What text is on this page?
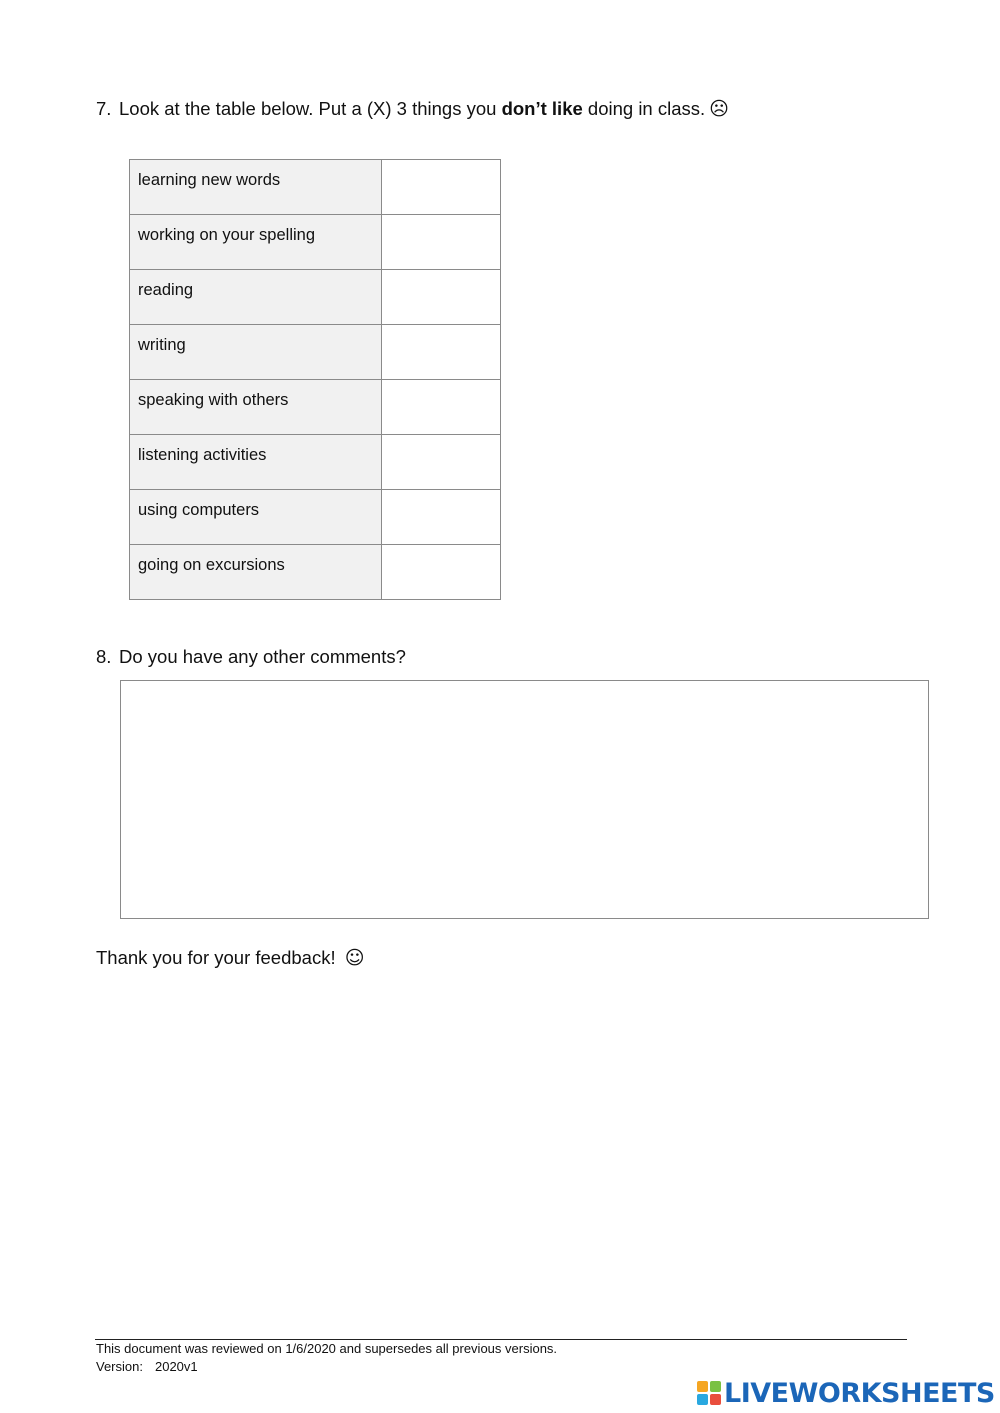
7. Look at the table below. Put a (X) 3 things you don’t like doing in class. ☹
learning new words	
working on your spelling	
reading	
writing	
speaking with others	
listening activities	
using computers	
going on excursions	
8. Do you have any other comments?
Thank you for your feedback! ☺
This document was reviewed on 1/6/2020 and supersedes all previous versions.
Version: 2020v1
LIVEWORKSHEETS
